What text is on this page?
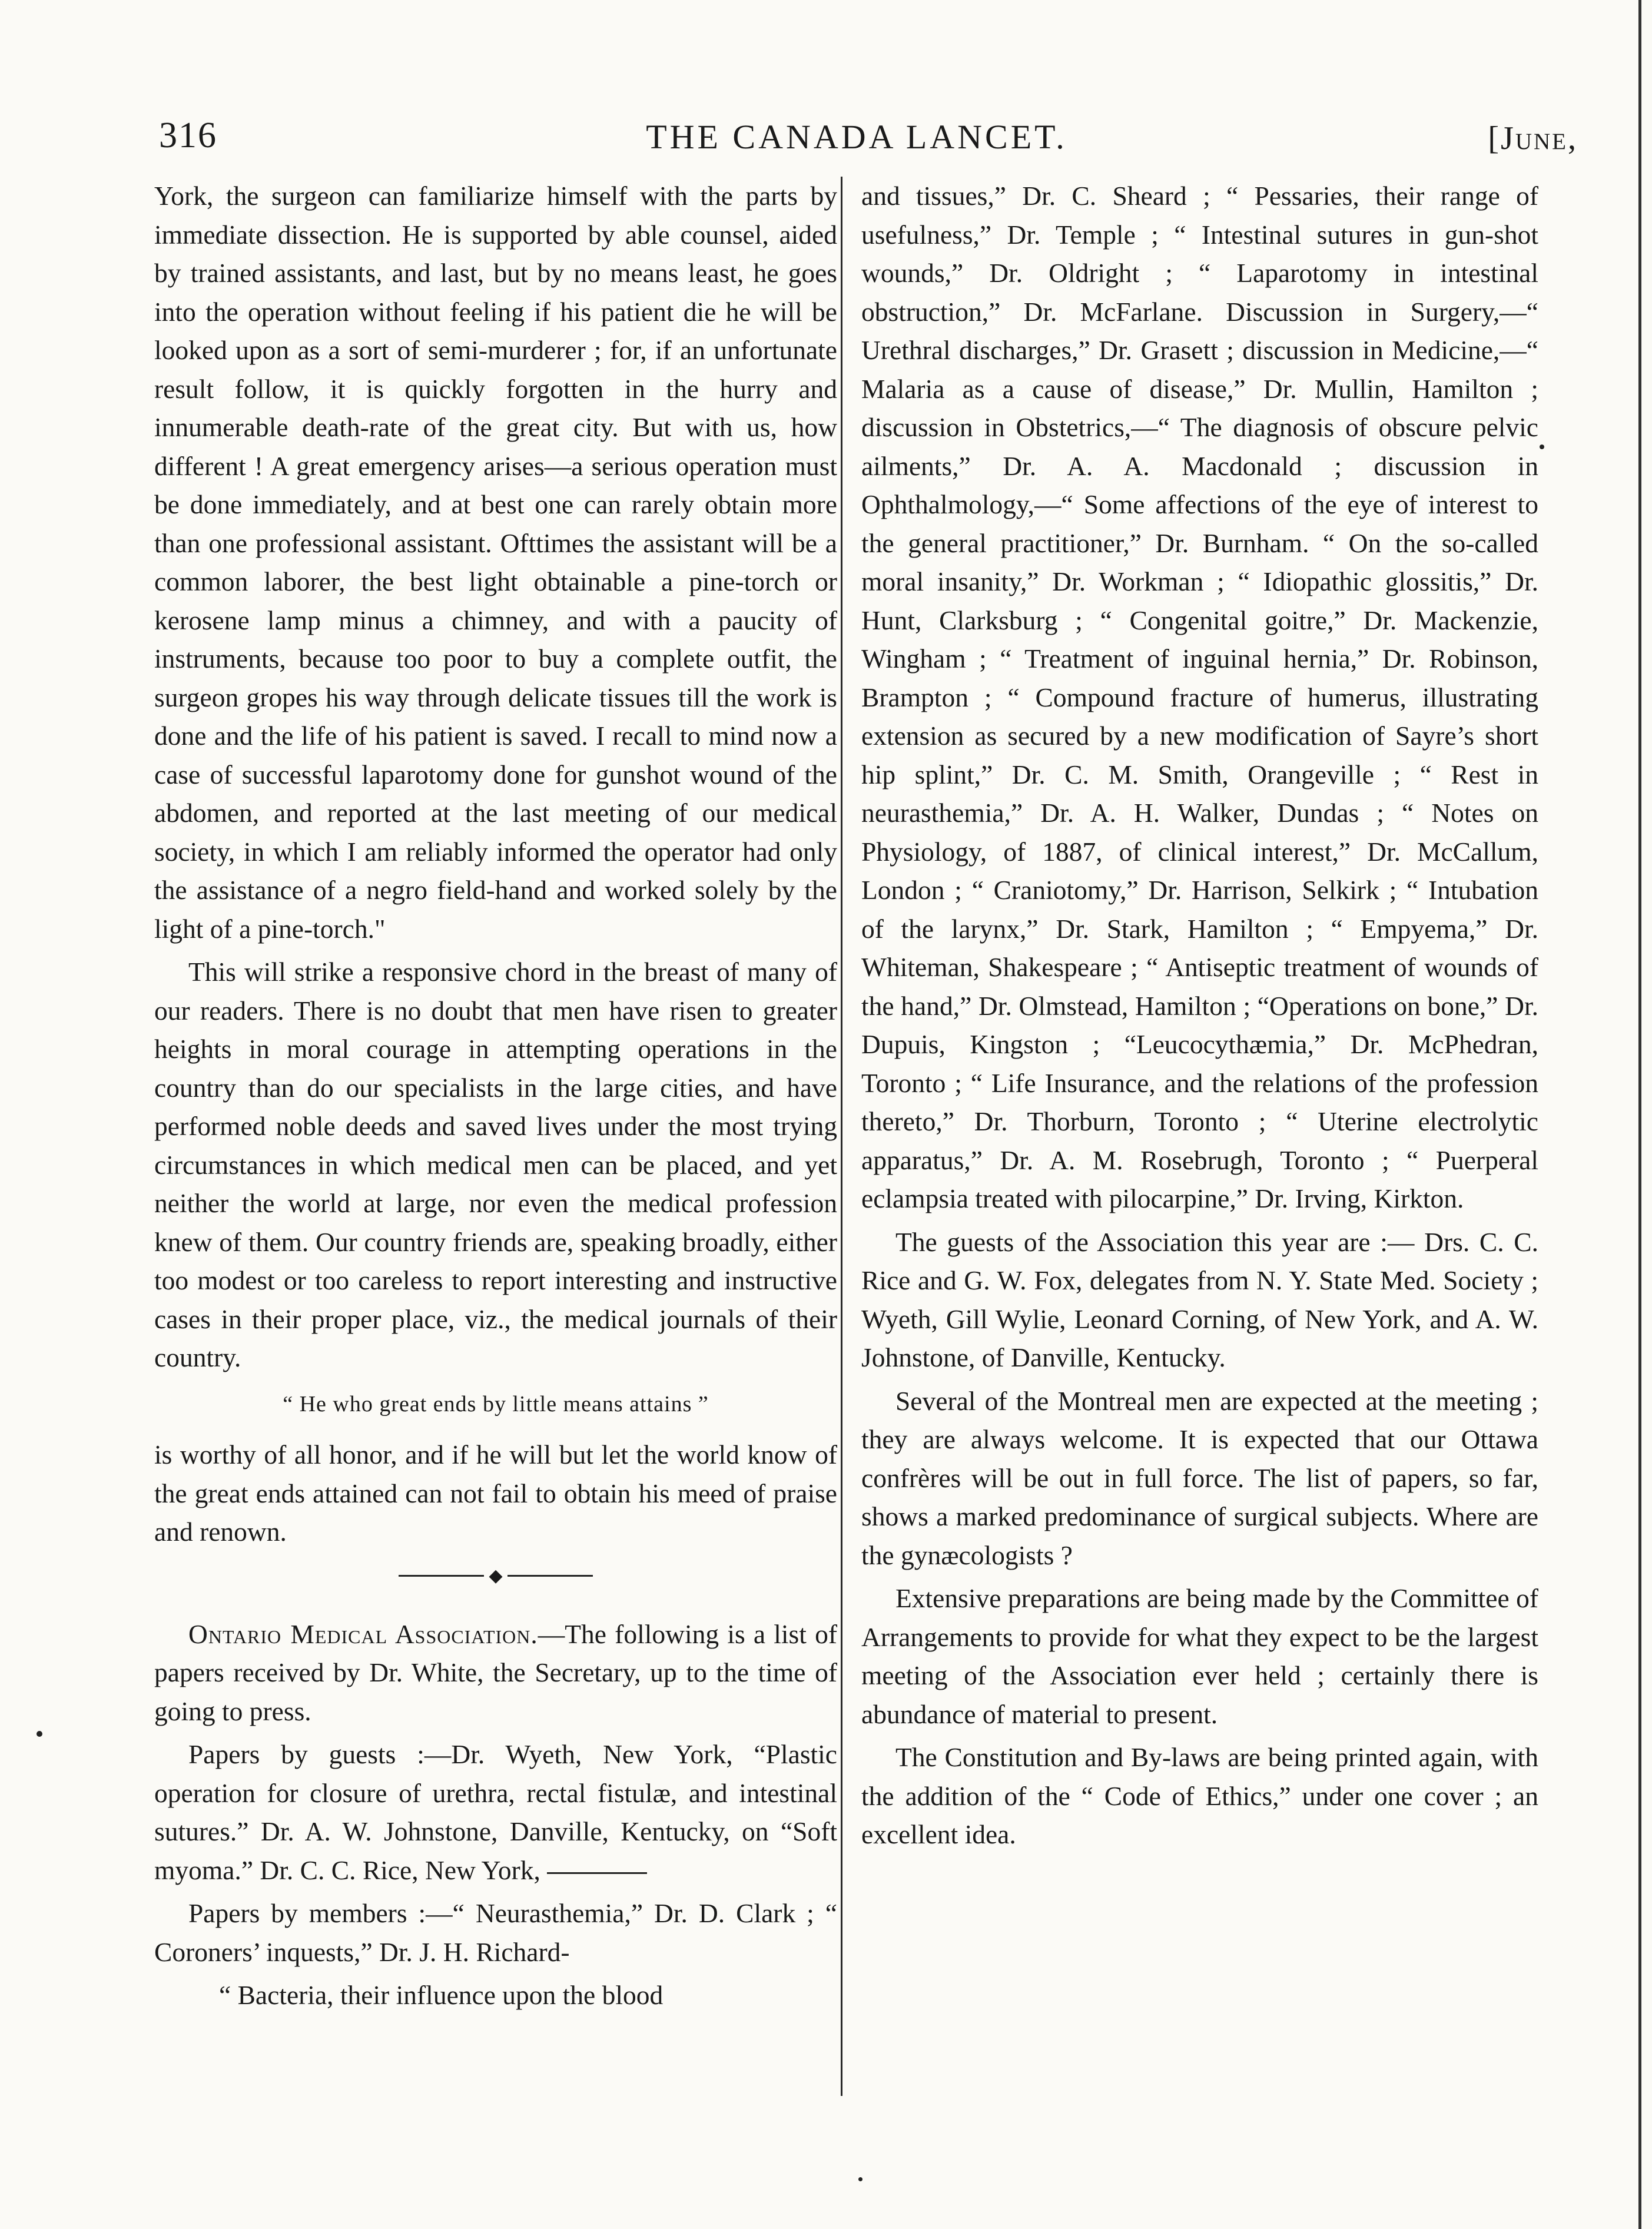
316	THE CANADA LANCET.	[June,

York, the surgeon can familiarize himself with the parts by immediate dissection. He is supported by able counsel, aided by trained assistants, and last, but by no means least, he goes into the operation without feeling if his patient die he will be looked upon as a sort of semi-murderer ; for, if an unfortunate result follow, it is quickly forgotten in the hurry and innumerable death-rate of the great city. But with us, how different ! A great emergency arises—a serious operation must be done immediately, and at best one can rarely obtain more than one professional assistant. Ofttimes the assistant will be a common laborer, the best light obtainable a pine-torch or kerosene lamp minus a chimney, and with a paucity of instruments, because too poor to buy a complete outfit, the surgeon gropes his way through delicate tissues till the work is done and the life of his patient is saved. I recall to mind now a case of successful laparotomy done for gunshot wound of the abdomen, and reported at the last meeting of our medical society, in which I am reliably informed the operator had only the assistance of a negro field-hand and worked solely by the light of a pine-torch."

This will strike a responsive chord in the breast of many of our readers. There is no doubt that men have risen to greater heights in moral courage in attempting operations in the country than do our specialists in the large cities, and have performed noble deeds and saved lives under the most trying circumstances in which medical men can be placed, and yet neither the world at large, nor even the medical profession knew of them. Our country friends are, speaking broadly, either too modest or too careless to report interesting and instructive cases in their proper place, viz., the medical journals of their country.

“ He who great ends by little means attains ”

is worthy of all honor, and if he will but let the world know of the great ends attained can not fail to obtain his meed of praise and renown.

◆

Ontario Medical Association.—The following is a list of papers received by Dr. White, the Secretary, up to the time of going to press.

Papers by guests :—Dr. Wyeth, New York, “Plastic operation for closure of urethra, rectal fistulæ, and intestinal sutures.” Dr. A. W. Johnstone, Danville, Kentucky, on “Soft myoma.” Dr. C. C. Rice, New York,

Papers by members :—“ Neurasthemia,” Dr. D. Clark ; “ Coroners’ inquests,” Dr. J. H. Richard-

“ Bacteria, their influence upon the blood

and tissues,” Dr. C. Sheard ; “ Pessaries, their range of usefulness,” Dr. Temple ; “ Intestinal sutures in gun-shot wounds,” Dr. Oldright ; “ Laparotomy in intestinal obstruction,” Dr. McFarlane. Discussion in Surgery,—“ Urethral discharges,” Dr. Grasett ; discussion in Medicine,—“ Malaria as a cause of disease,” Dr. Mullin, Hamilton ; discussion in Obstetrics,—“ The diagnosis of obscure pelvic ailments,” Dr. A. A. Macdonald ; discussion in Ophthalmology,—“ Some affections of the eye of interest to the general practitioner,” Dr. Burnham. “ On the so-called moral insanity,” Dr. Workman ; “ Idiopathic glossitis,” Dr. Hunt, Clarksburg ; “ Congenital goitre,” Dr. Mackenzie, Wingham ; “ Treatment of inguinal hernia,” Dr. Robinson, Brampton ; “ Compound fracture of humerus, illustrating extension as secured by a new modification of Sayre’s short hip splint,” Dr. C. M. Smith, Orangeville ; “ Rest in neurasthemia,” Dr. A. H. Walker, Dundas ; “ Notes on Physiology, of 1887, of clinical interest,” Dr. McCallum, London ; “ Craniotomy,” Dr. Harrison, Selkirk ; “ Intubation of the larynx,” Dr. Stark, Hamilton ; “ Empyema,” Dr. Whiteman, Shakespeare ; “ Antiseptic treatment of wounds of the hand,” Dr. Olmstead, Hamilton ; “Operations on bone,” Dr. Dupuis, Kingston ; “Leucocythæmia,” Dr. McPhedran, Toronto ; “ Life Insurance, and the relations of the profession thereto,” Dr. Thorburn, Toronto ; “ Uterine electrolytic apparatus,” Dr. A. M. Rosebrugh, Toronto ; “ Puerperal eclampsia treated with pilocarpine,” Dr. Irving, Kirkton.

The guests of the Association this year are :— Drs. C. C. Rice and G. W. Fox, delegates from N. Y. State Med. Society ; Wyeth, Gill Wylie, Leonard Corning, of New York, and A. W. Johnstone, of Danville, Kentucky.

Several of the Montreal men are expected at the meeting ; they are always welcome. It is expected that our Ottawa confrères will be out in full force. The list of papers, so far, shows a marked predominance of surgical subjects. Where are the gynæcologists ?

Extensive preparations are being made by the Committee of Arrangements to provide for what they expect to be the largest meeting of the Association ever held ; certainly there is abundance of material to present.

The Constitution and By-laws are being printed again, with the addition of the “ Code of Ethics,” under one cover ; an excellent idea.
